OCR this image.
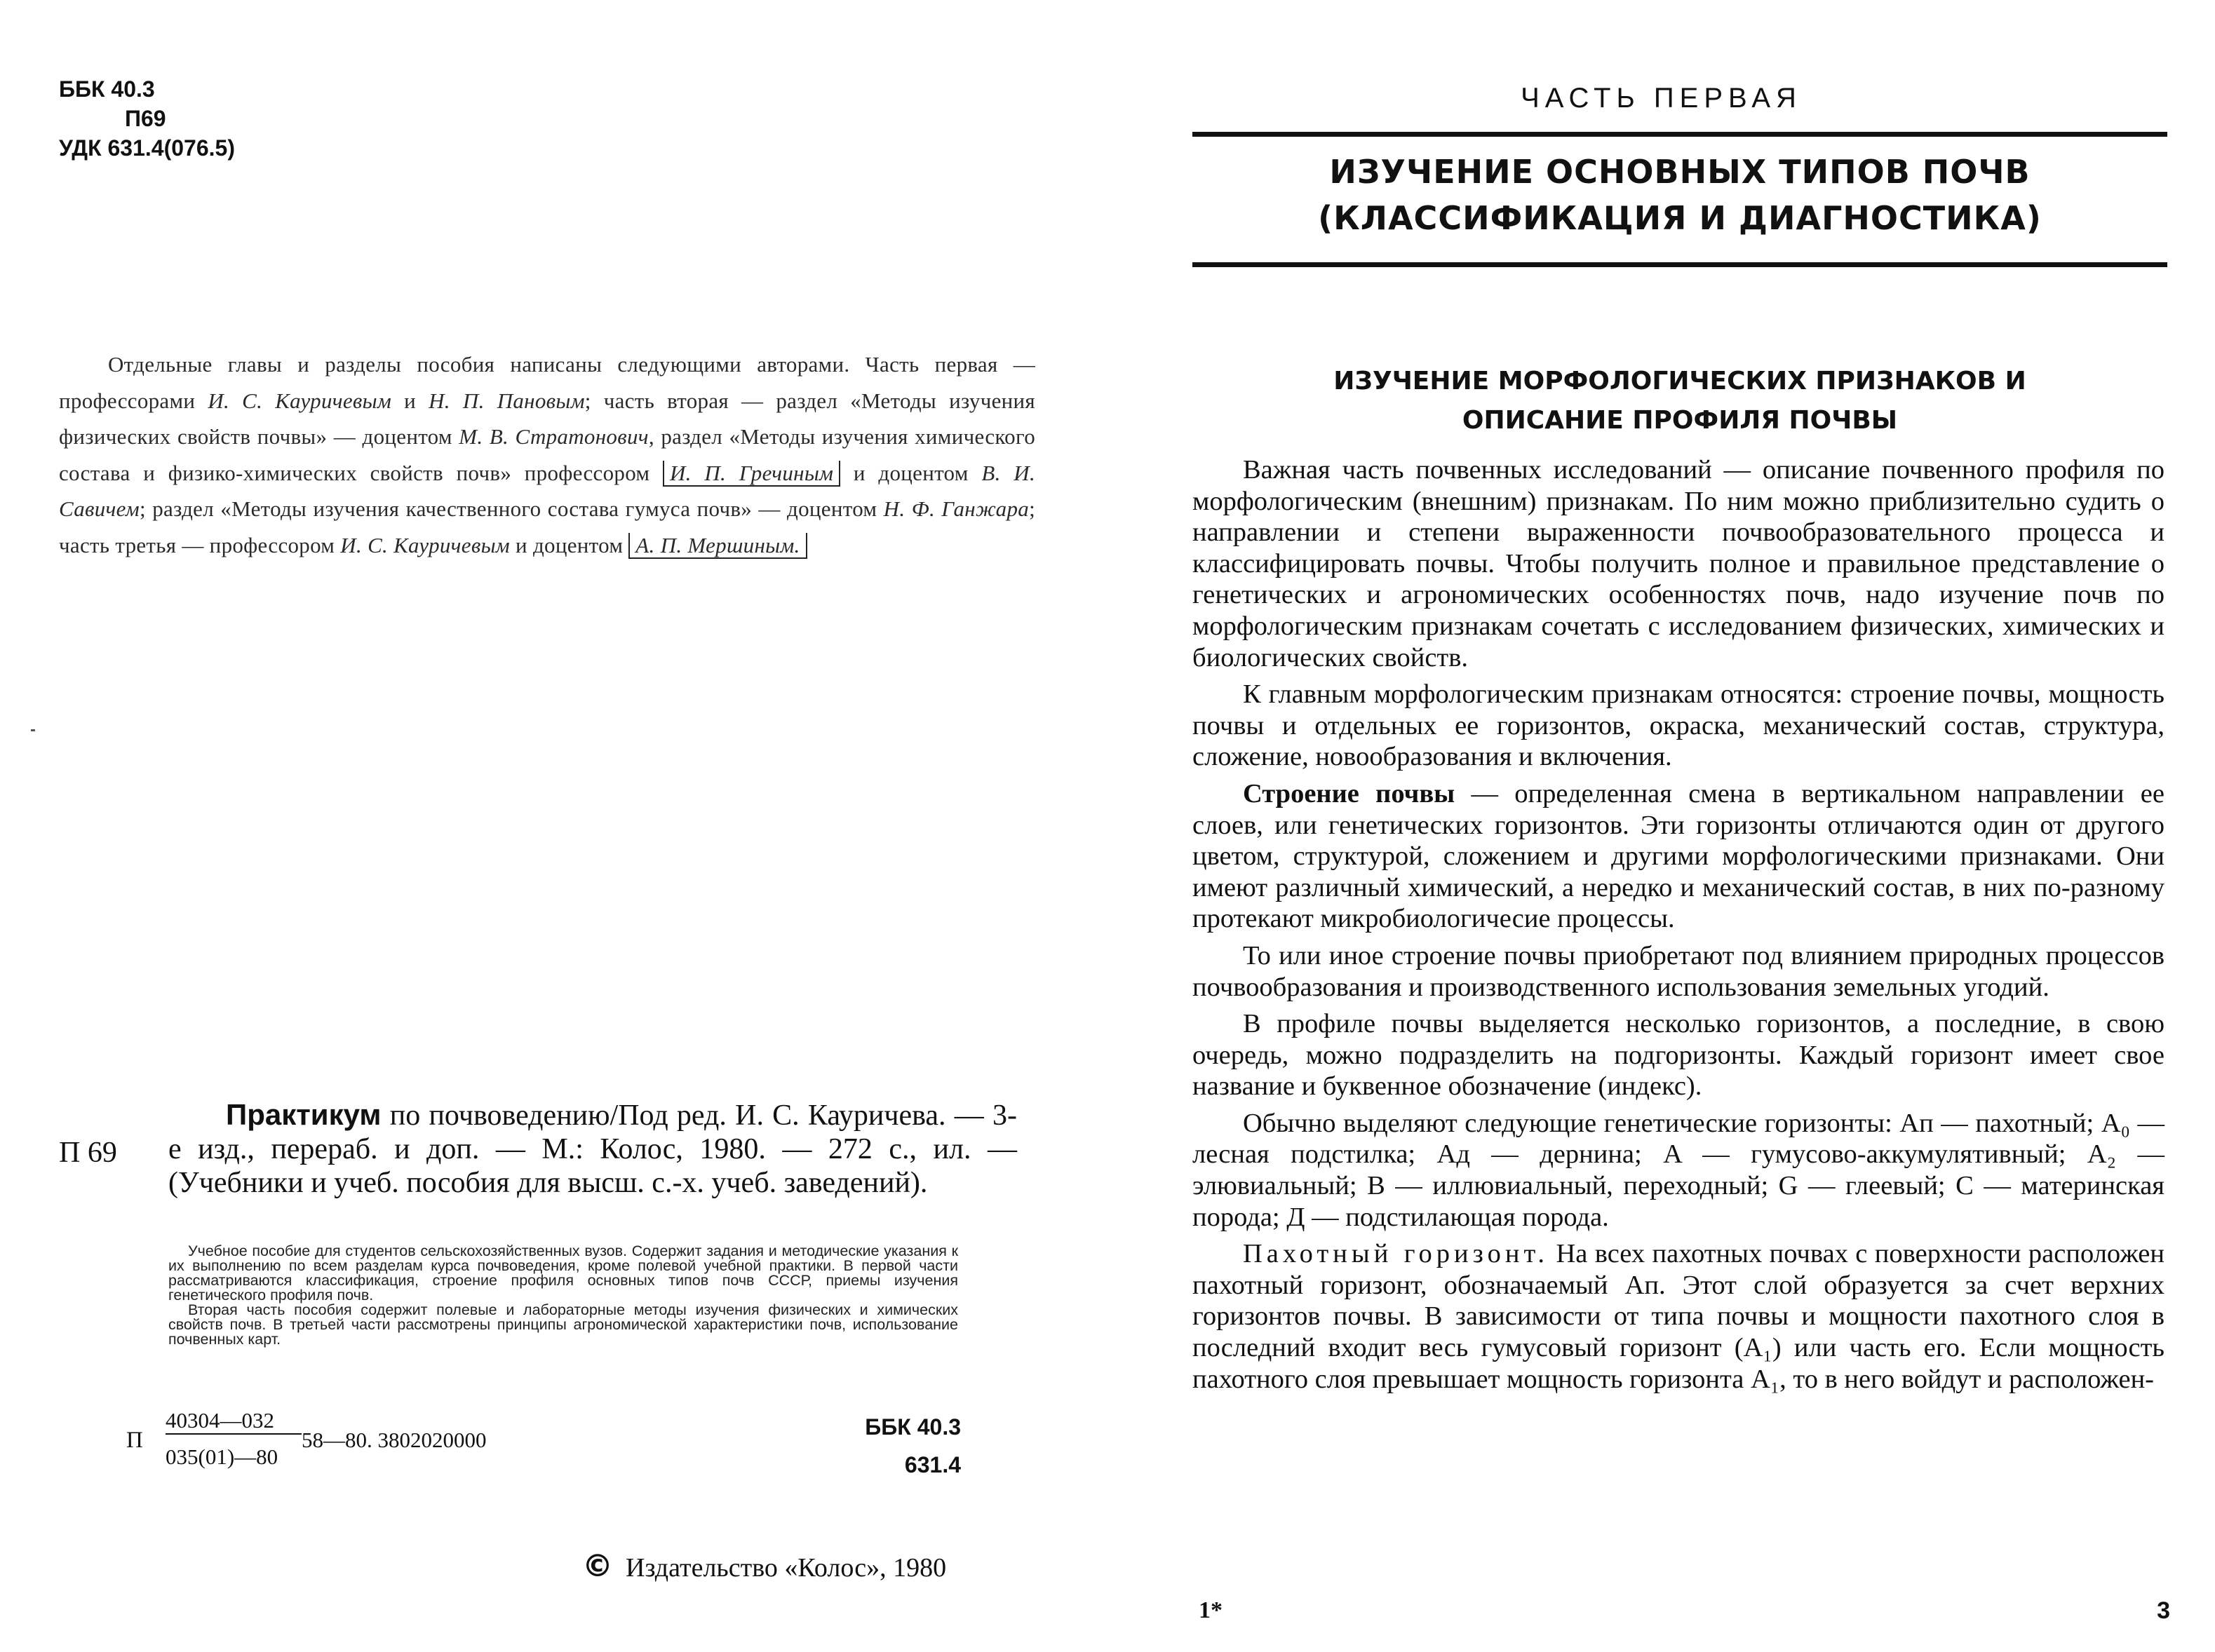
ББК 40.3
П69
УДК 631.4(076.5)
Отдельные главы и разделы пособия написаны следующими авторами. Часть первая — профессорами И. С. Кауричевым и Н. П. Пановым; часть вторая — раздел «Методы изучения физических свойств почвы» — доцентом М. В. Стратонович, раздел «Методы изучения химического состава и физико-химических свойств почв» профессором И. П. Гречиным и доцентом В. И. Савичем; раздел «Методы изучения качественного состава гумуса почв» — доцентом Н. Ф. Ганжара; часть третья — профессором И. С. Кауричевым и доцентом А. П. Мершиным.
П 69
Практикум по почвоведению/Под ред. И. С. Кауричева. — 3-е изд., перераб. и доп. — М.: Колос, 1980. — 272 с., ил. — (Учебники и учеб. пособия для высш. с.-х. учеб. заведений).

Учебное пособие для студентов сельскохозяйственных вузов. Содержит задания и методические указания к их выполнению по всем разделам курса почвоведения, кроме полевой учебной практики. В первой части рассматриваются классификация, строение профиля основных типов почв СССР, приемы изучения генетического профиля почв.

Вторая часть пособия содержит полевые и лабораторные методы изучения физических и химических свойств почв. В третьей части рассмотрены принципы агрономической характеристики почв, использование почвенных карт.

П
40304—032
035(01)—80
58—80. 3802020000
ББК 40.3
631.4
© Издательство «Колос», 1980
ЧАСТЬ ПЕРВАЯ
ИЗУЧЕНИЕ ОСНОВНЫХ ТИПОВ ПОЧВ
(КЛАССИФИКАЦИЯ И ДИАГНОСТИКА)
ИЗУЧЕНИЕ МОРФОЛОГИЧЕСКИХ ПРИЗНАКОВ И
ОПИСАНИЕ ПРОФИЛЯ ПОЧВЫ

Важная часть почвенных исследований — описание почвенного профиля по морфологическим (внешним) признакам. По ним можно приблизительно судить о направлении и степени выраженности почвообразовательного процесса и классифицировать почвы. Чтобы получить полное и правильное представление о генетических и агрономических особенностях почв, надо изучение почв по морфологическим признакам сочетать с исследованием физических, химических и биологических свойств.

К главным морфологическим признакам относятся: строение почвы, мощность почвы и отдельных ее горизонтов, окраска, механический состав, структура, сложение, новообразования и включения.

Строение почвы — определенная смена в вертикальном направлении ее слоев, или генетических горизонтов. Эти горизонты отличаются один от другого цветом, структурой, сложением и другими морфологическими признаками. Они имеют различный химический, а нередко и механический состав, в них по-разному протекают микробиологичесие процессы.

То или иное строение почвы приобретают под влиянием природных процессов почвообразования и производственного использования земельных угодий.

В профиле почвы выделяется несколько горизонтов, а последние, в свою очередь, можно подразделить на подгоризонты. Каждый горизонт имеет свое название и буквенное обозначение (индекс).

Обычно выделяют следующие генетические горизонты: Aп — пахотный; A₀ — лесная подстилка; Aд — дернина; A — гумусово-аккумулятивный; A₂ — элювиальный; B — иллювиальный, переходный; G — глеевый; C — материнская порода; Д — подстилающая порода.

Пахотный горизонт. На всех пахотных почвах с поверхности расположен пахотный горизонт, обозначаемый Aп. Этот слой образуется за счет верхних горизонтов почвы. В зависимости от типа почвы и мощности пахотного слоя в последний входит весь гумусовый горизонт (A₁) или часть его. Если мощность пахотного слоя превышает мощность горизонта A₁, то в него войдут и расположен-

1*	3
